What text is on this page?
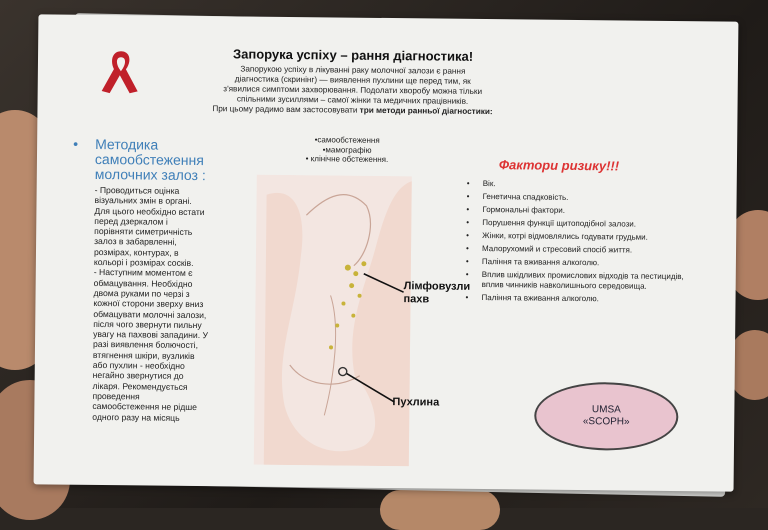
Запорука успіху – рання діагностика!
Запорукою успіху в лікуванні раку молочної залози є рання
діагностика (скринінг) — виявлення пухлини ще перед тим, як
з'явилися симптоми захворювання. Подолати хворобу можна тільки
спільними зусиллями – самої жінки та медичних працівників.
При цьому радимо вам застосовувати три методи ранньої діагностики:
•самообстеження
•мамографію
• клінічне обстеження.
•	Методика
самообстеження
молочних залоз :
- Проводиться оцінка
візуальних змін в органі.
Для цього необхідно встати
перед дзеркалом і
порівняти симетричність
залоз в забарвленні,
розмірах, контурах, в
кольорі і розмірах сосків.
- Наступним моментом є
обмацування. Необхідно
двома руками по черзі з
кожної сторони зверху вниз
обмацувати молочні залози,
після чого звернути пильну
увагу на пахвові западини. У
разі виявлення болючості,
втягнення шкіри, вузликів
або пухлин - необхідно
негайно звернутися до
лікаря. Рекомендується
проведення
самообстеження не рідше
одного разу на місяць
Лімфовузли
пахв
Пухлина
Фактори ризику!!!
• Вік.
• Генетична спадковість.
• Гормональні фактори.
• Порушення функції щитоподібної залози.
• Жінки, котрі відмовлялись годувати грудьми.
• Малорухомий и стресовий спосіб життя.
• Паління та вживання алкоголю.
• Вплив шкідливих промислових відходів та пестицидів, вплив чинників навколишнього середовища.
• Паління та вживання алкоголю.
UMSA
«SCOPH»
